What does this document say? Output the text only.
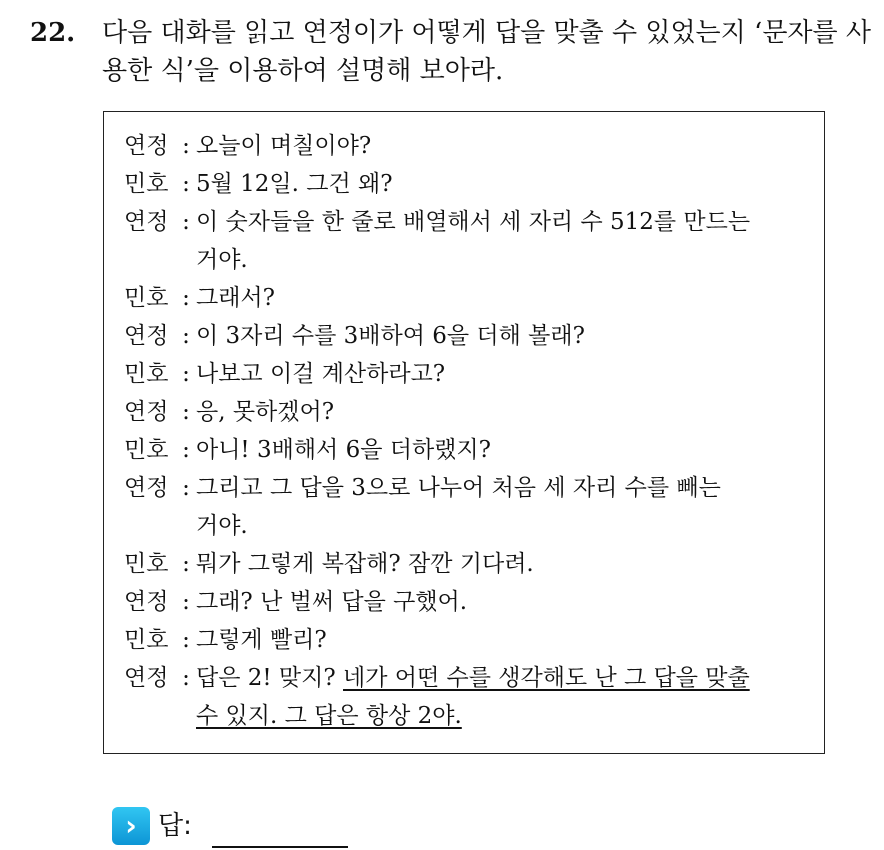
22. 다음 대화를 읽고 연정이가 어떻게 답을 맞출 수 있었는지 ‘문자를 사용한 식’을 이용하여 설명해 보아라.
연정 : 오늘이 며칠이야?
민호 : 5월 12일. 그건 왜?
연정 : 이 숫자들을 한 줄로 배열해서 세 자리 수 512를 만드는
거야.
민호 : 그래서?
연정 : 이 3자리 수를 3배하여 6을 더해 볼래?
민호 : 나보고 이걸 계산하라고?
연정 : 응, 못하겠어?
민호 : 아니! 3배해서 6을 더하랬지?
연정 : 그리고 그 답을 3으로 나누어 처음 세 자리 수를 빼는
거야.
민호 : 뭐가 그렇게 복잡해? 잠깐 기다려.
연정 : 그래? 난 벌써 답을 구했어.
민호 : 그렇게 빨리?
연정 : 답은 2! 맞지? 네가 어떤 수를 생각해도 난 그 답을 맞출
수 있지. 그 답은 항상 2야.
› 답:
